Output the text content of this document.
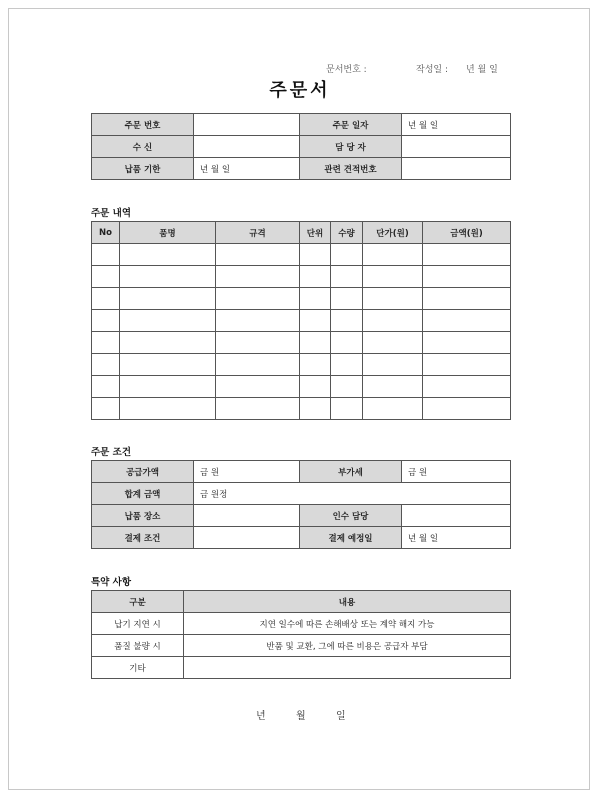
문서번호 :	작성일 : 년 월 일
주문서
주문 번호		주문 일자	년 월 일
수 신		담 당 자	
납품 기한	년 월 일	관련 견적번호	
주문 내역
No	품명	규격	단위	수량	단가(원)	금액(원)

주문 조건
공급가액	금 원	부가세	금 원
합계 금액	금 원정		
납품 장소		인수 담당	
결제 조건		결제 예정일	년 월 일
특약 사항
구분	내용
납기 지연 시	지연 일수에 따른 손해배상 또는 계약 해지 가능
품질 불량 시	반품 및 교환, 그에 따른 비용은 공급자 부담
기타	
년	월	일
